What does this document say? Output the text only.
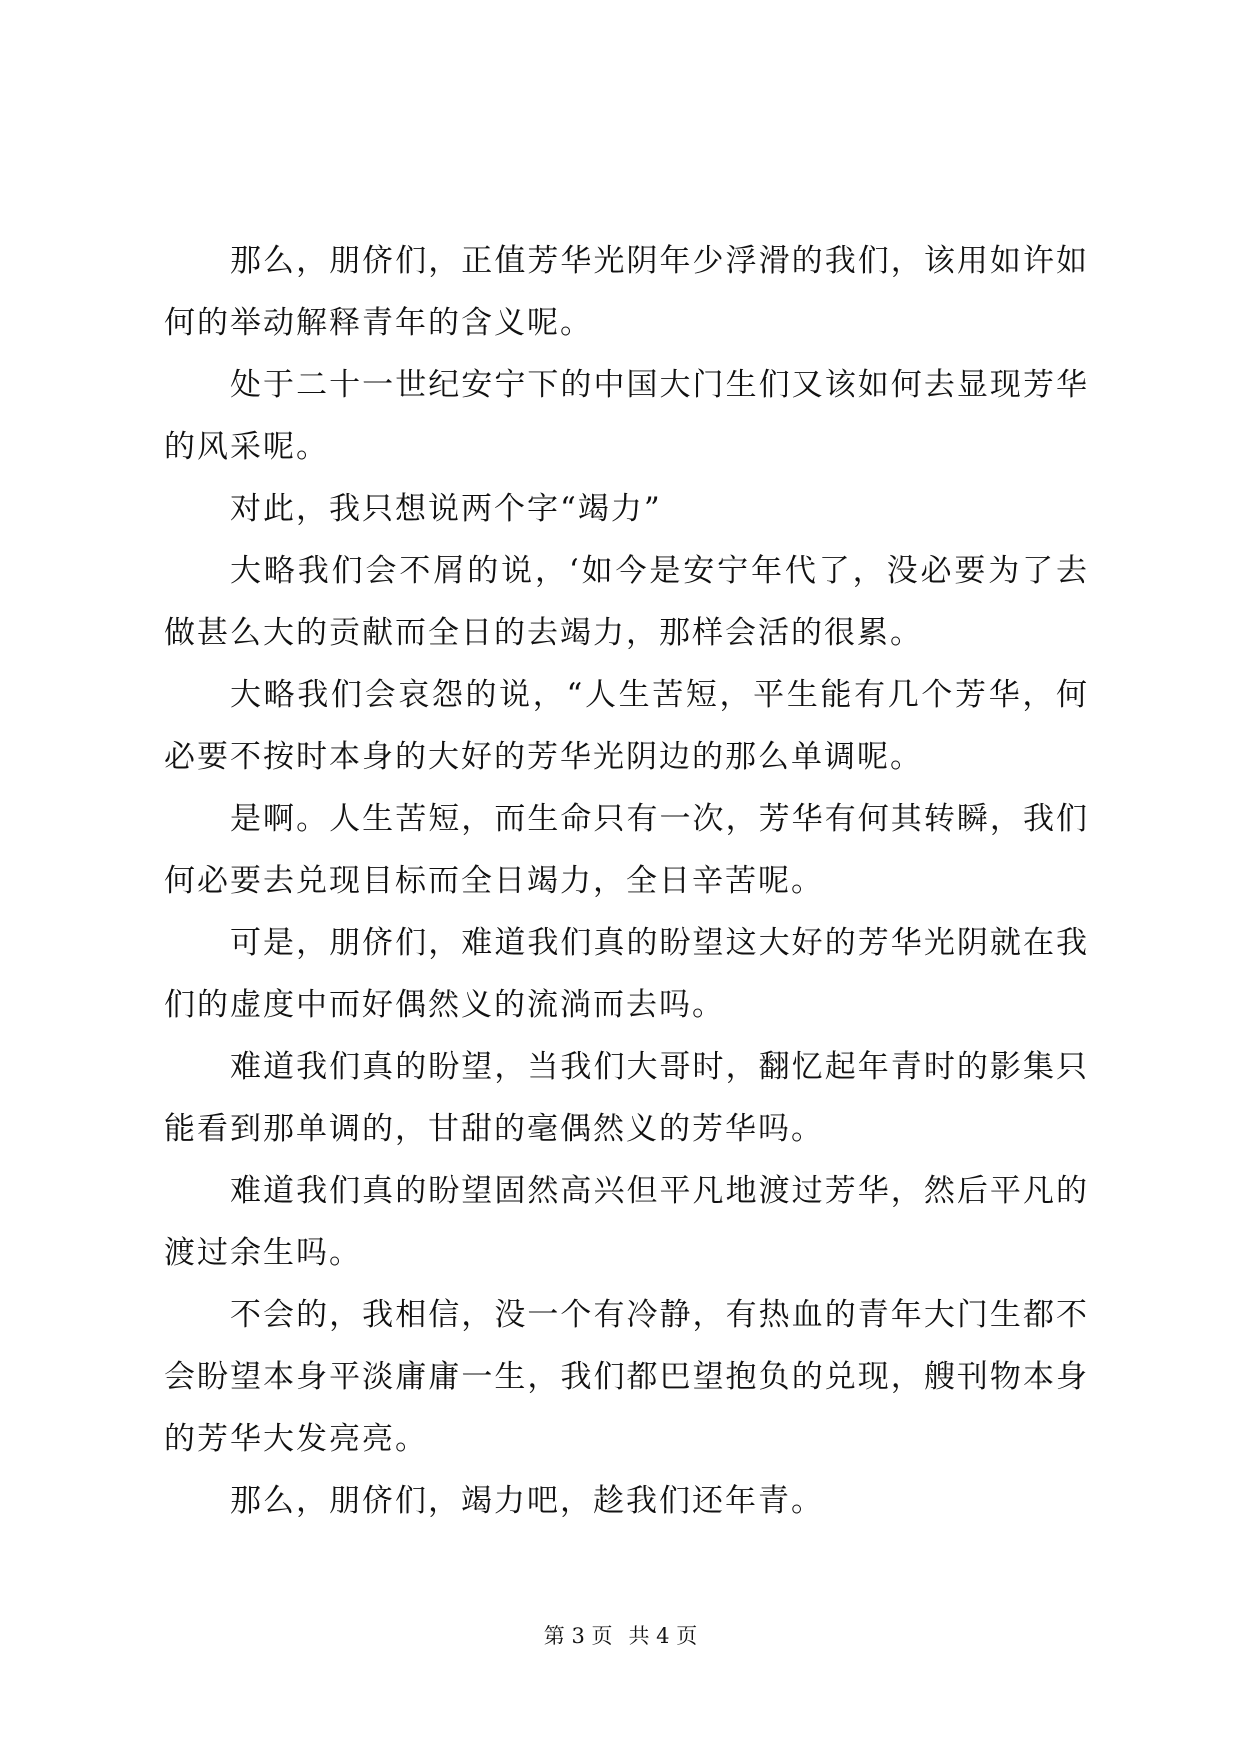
那么，朋侪们，正值芳华光阴年少浮滑的我们，该用如许如何的举动解释青年的含义呢。

处于二十一世纪安宁下的中国大门生们又该如何去显现芳华的风采呢。

对此，我只想说两个字“竭力”

大略我们会不屑的说，‘如今是安宁年代了，没必要为了去做甚么大的贡献而全日的去竭力，那样会活的很累。

大略我们会哀怨的说，“人生苦短，平生能有几个芳华，何必要不按时本身的大好的芳华光阴边的那么单调呢。

是啊。人生苦短，而生命只有一次，芳华有何其转瞬，我们何必要去兑现目标而全日竭力，全日辛苦呢。

可是，朋侪们，难道我们真的盼望这大好的芳华光阴就在我们的虚度中而好偶然义的流淌而去吗。

难道我们真的盼望，当我们大哥时，翻忆起年青时的影集只能看到那单调的，甘甜的毫偶然义的芳华吗。

难道我们真的盼望固然高兴但平凡地渡过芳华，然后平凡的渡过余生吗。

不会的，我相信，没一个有冷静，有热血的青年大门生都不会盼望本身平淡庸庸一生，我们都巴望抱负的兑现，艘刊物本身的芳华大发亮亮。

那么，朋侪们，竭力吧，趁我们还年青。

第 3 页 共 4 页
